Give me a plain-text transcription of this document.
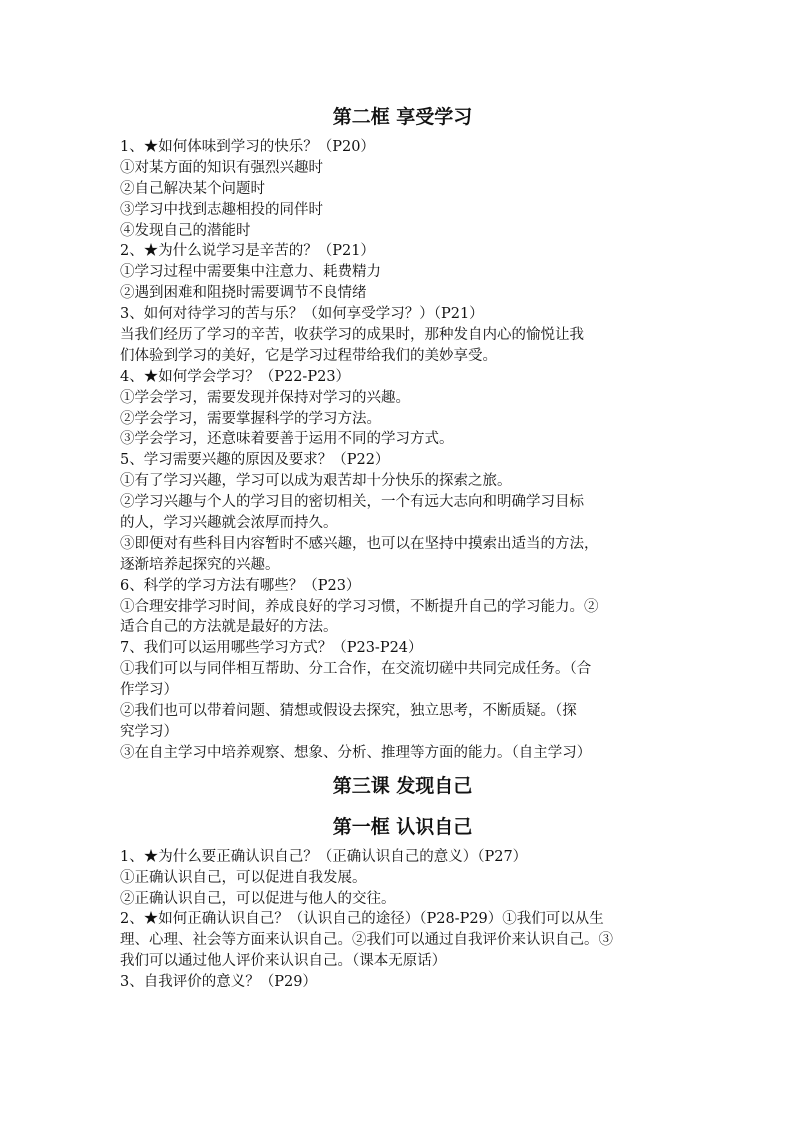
第二框 享受学习

1、★如何体味到学习的快乐？（P20）

①对某方面的知识有强烈兴趣时

②自己解决某个问题时

③学习中找到志趣相投的同伴时

④发现自己的潜能时

2、★为什么说学习是辛苦的？（P21）

①学习过程中需要集中注意力、耗费精力

②遇到困难和阻挠时需要调节不良情绪

3、如何对待学习的苦与乐？（如何享受学习？）（P21）

当我们经历了学习的辛苦，收获学习的成果时，那种发自内心的愉悦让我

们体验到学习的美好，它是学习过程带给我们的美妙享受。

4、★如何学会学习？（P22-P23）

①学会学习，需要发现并保持对学习的兴趣。

②学会学习，需要掌握科学的学习方法。

③学会学习，还意味着要善于运用不同的学习方式。

5、学习需要兴趣的原因及要求？（P22）

①有了学习兴趣，学习可以成为艰苦却十分快乐的探索之旅。

②学习兴趣与个人的学习目的密切相关，一个有远大志向和明确学习目标

的人，学习兴趣就会浓厚而持久。

③即便对有些科目内容暂时不感兴趣，也可以在坚持中摸索出适当的方法，

逐渐培养起探究的兴趣。

6、科学的学习方法有哪些？（P23）

①合理安排学习时间，养成良好的学习习惯，不断提升自己的学习能力。②

适合自己的方法就是最好的方法。

7、我们可以运用哪些学习方式？（P23-P24）

①我们可以与同伴相互帮助、分工合作，在交流切磋中共同完成任务。（合

作学习）

②我们也可以带着问题、猜想或假设去探究，独立思考，不断质疑。（探

究学习）

③在自主学习中培养观察、想象、分析、推理等方面的能力。（自主学习）

第三课 发现自己
第一框 认识自己

1、★为什么要正确认识自己？（正确认识自己的意义）（P27）

①正确认识自己，可以促进自我发展。

②正确认识自己，可以促进与他人的交往。

2、★如何正确认识自己？（认识自己的途径）（P28-P29）①我们可以从生

理、心理、社会等方面来认识自己。②我们可以通过自我评价来认识自己。③

我们可以通过他人评价来认识自己。（课本无原话）

3、自我评价的意义？（P29）
